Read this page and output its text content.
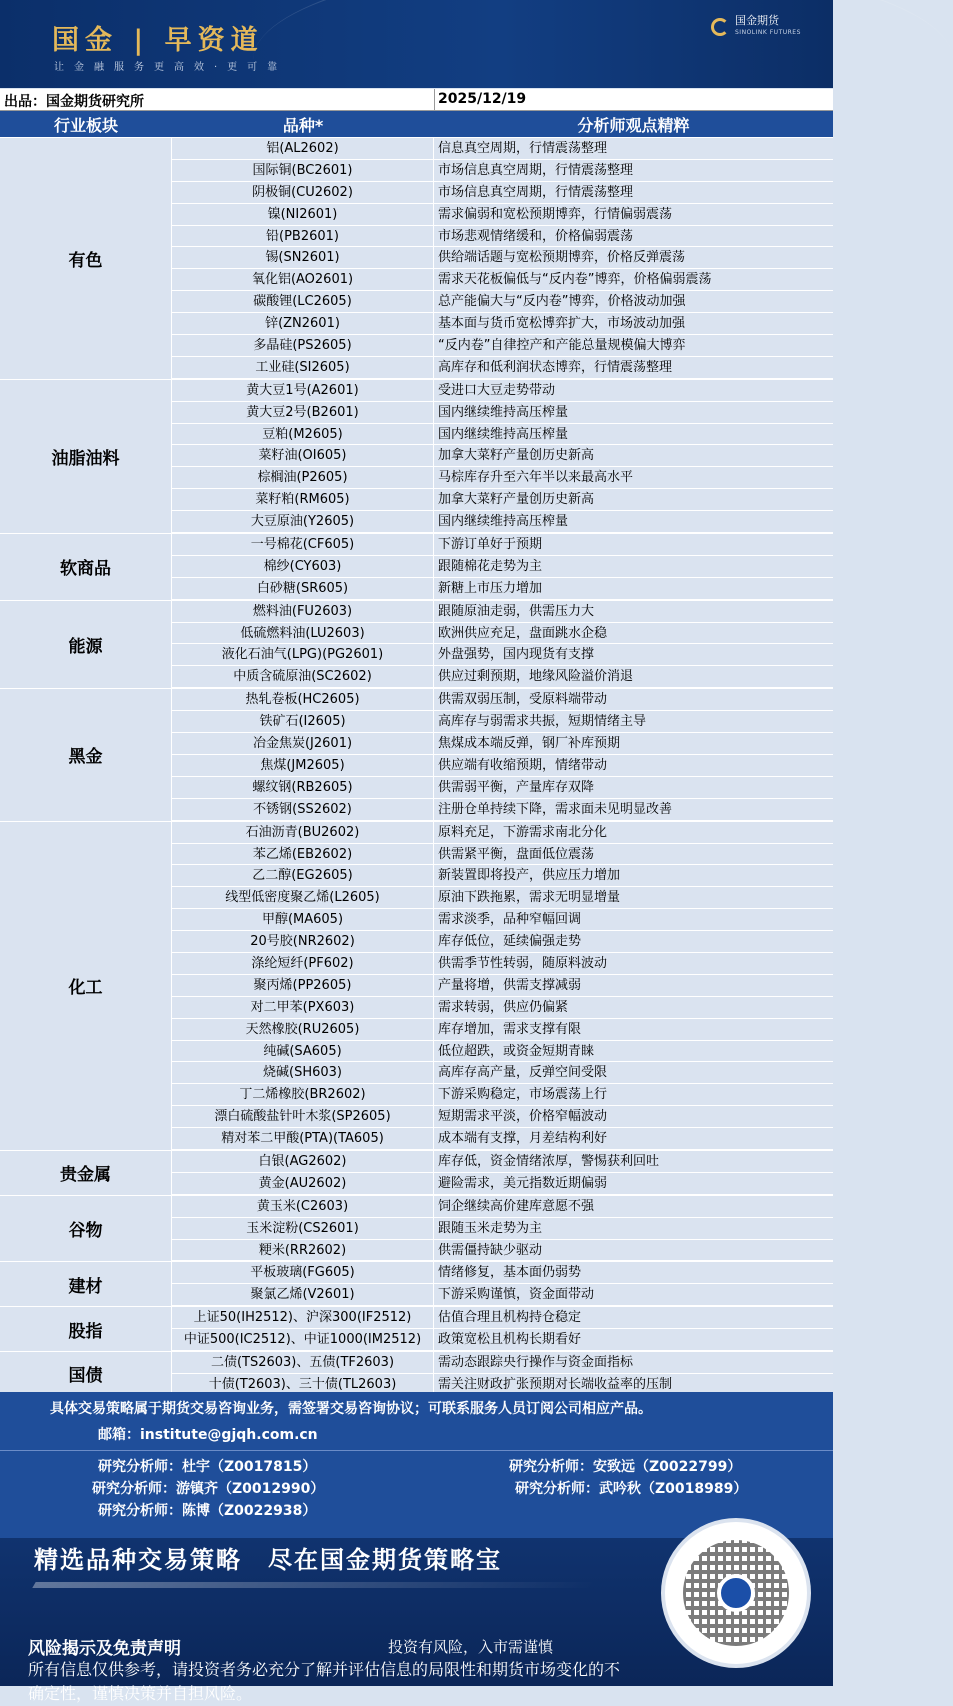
国金 | 早资道
让金融服务更高效·更可靠
国金期货
SINOLINK FUTURES
出品：国金期货研究所	2025/12/19
行业板块	品种*	分析师观点精粹
有色
铝(AL2602)	信息真空周期，行情震荡整理
国际铜(BC2601)	市场信息真空周期，行情震荡整理
阴极铜(CU2602)	市场信息真空周期，行情震荡整理
镍(NI2601)	需求偏弱和宽松预期博弈，行情偏弱震荡
铅(PB2601)	市场悲观情绪缓和，价格偏弱震荡
锡(SN2601)	供给端话题与宽松预期博弈，价格反弹震荡
氧化铝(AO2601)	需求天花板偏低与“反内卷”博弈，价格偏弱震荡
碳酸锂(LC2605)	总产能偏大与“反内卷”博弈，价格波动加强
锌(ZN2601)	基本面与货币宽松博弈扩大，市场波动加强
多晶硅(PS2605)	“反内卷”自律控产和产能总量规模偏大博弈
工业硅(SI2605)	高库存和低利润状态博弈，行情震荡整理
油脂油料
黄大豆1号(A2601)	受进口大豆走势带动
黄大豆2号(B2601)	国内继续维持高压榨量
豆粕(M2605)	国内继续维持高压榨量
菜籽油(OI605)	加拿大菜籽产量创历史新高
棕榈油(P2605)	马棕库存升至六年半以来最高水平
菜籽粕(RM605)	加拿大菜籽产量创历史新高
大豆原油(Y2605)	国内继续维持高压榨量
软商品
一号棉花(CF605)	下游订单好于预期
棉纱(CY603)	跟随棉花走势为主
白砂糖(SR605)	新糖上市压力增加
能源
燃料油(FU2603)	跟随原油走弱，供需压力大
低硫燃料油(LU2603)	欧洲供应充足，盘面跳水企稳
液化石油气(LPG)(PG2601)	外盘强势，国内现货有支撑
中质含硫原油(SC2602)	供应过剩预期，地缘风险溢价消退
黑金
热轧卷板(HC2605)	供需双弱压制，受原料端带动
铁矿石(I2605)	高库存与弱需求共振，短期情绪主导
冶金焦炭(J2601)	焦煤成本端反弹，钢厂补库预期
焦煤(JM2605)	供应端有收缩预期，情绪带动
螺纹钢(RB2605)	供需弱平衡，产量库存双降
不锈钢(SS2602)	注册仓单持续下降，需求面未见明显改善
化工
石油沥青(BU2602)	原料充足，下游需求南北分化
苯乙烯(EB2602)	供需紧平衡，盘面低位震荡
乙二醇(EG2605)	新装置即将投产，供应压力增加
线型低密度聚乙烯(L2605)	原油下跌拖累，需求无明显增量
甲醇(MA605)	需求淡季，品种窄幅回调
20号胶(NR2602)	库存低位，延续偏强走势
涤纶短纤(PF602)	供需季节性转弱，随原料波动
聚丙烯(PP2605)	产量将增，供需支撑减弱
对二甲苯(PX603)	需求转弱，供应仍偏紧
天然橡胶(RU2605)	库存增加，需求支撑有限
纯碱(SA605)	低位超跌，或资金短期青睐
烧碱(SH603)	高库存高产量，反弹空间受限
丁二烯橡胶(BR2602)	下游采购稳定，市场震荡上行
漂白硫酸盐针叶木浆(SP2605)	短期需求平淡，价格窄幅波动
精对苯二甲酸(PTA)(TA605)	成本端有支撑，月差结构利好
贵金属
白银(AG2602)	库存低，资金情绪浓厚，警惕获利回吐
黄金(AU2602)	避险需求，美元指数近期偏弱
谷物
黄玉米(C2603)	饲企继续高价建库意愿不强
玉米淀粉(CS2601)	跟随玉米走势为主
粳米(RR2602)	供需僵持缺少驱动
建材
平板玻璃(FG605)	情绪修复，基本面仍弱势
聚氯乙烯(V2601)	下游采购谨慎，资金面带动
股指
上证50(IH2512)、沪深300(IF2512)	估值合理且机构持仓稳定
中证500(IC2512)、中证1000(IM2512)	政策宽松且机构长期看好
国债
二债(TS2603)、五债(TF2603)	需动态跟踪央行操作与资金面指标
十债(T2603)、三十债(TL2603)	需关注财政扩张预期对长端收益率的压制
具体交易策略属于期货交易咨询业务，需签署交易咨询协议；可联系服务人员订阅公司相应产品。
邮箱：institute@gjqh.com.cn
研究分析师：杜宇（Z0017815）	研究分析师：安致远（Z0022799）
研究分析师：游镇齐（Z0012990）	研究分析师：武吟秋（Z0018989）
研究分析师：陈博（Z0022938）
精选品种交易策略　尽在国金期货策略宝
风险揭示及免责声明	投资有风险，入市需谨慎
所有信息仅供参考，请投资者务必充分了解并评估信息的局限性和期货市场变化的不确定性，谨慎决策并自担风险。
